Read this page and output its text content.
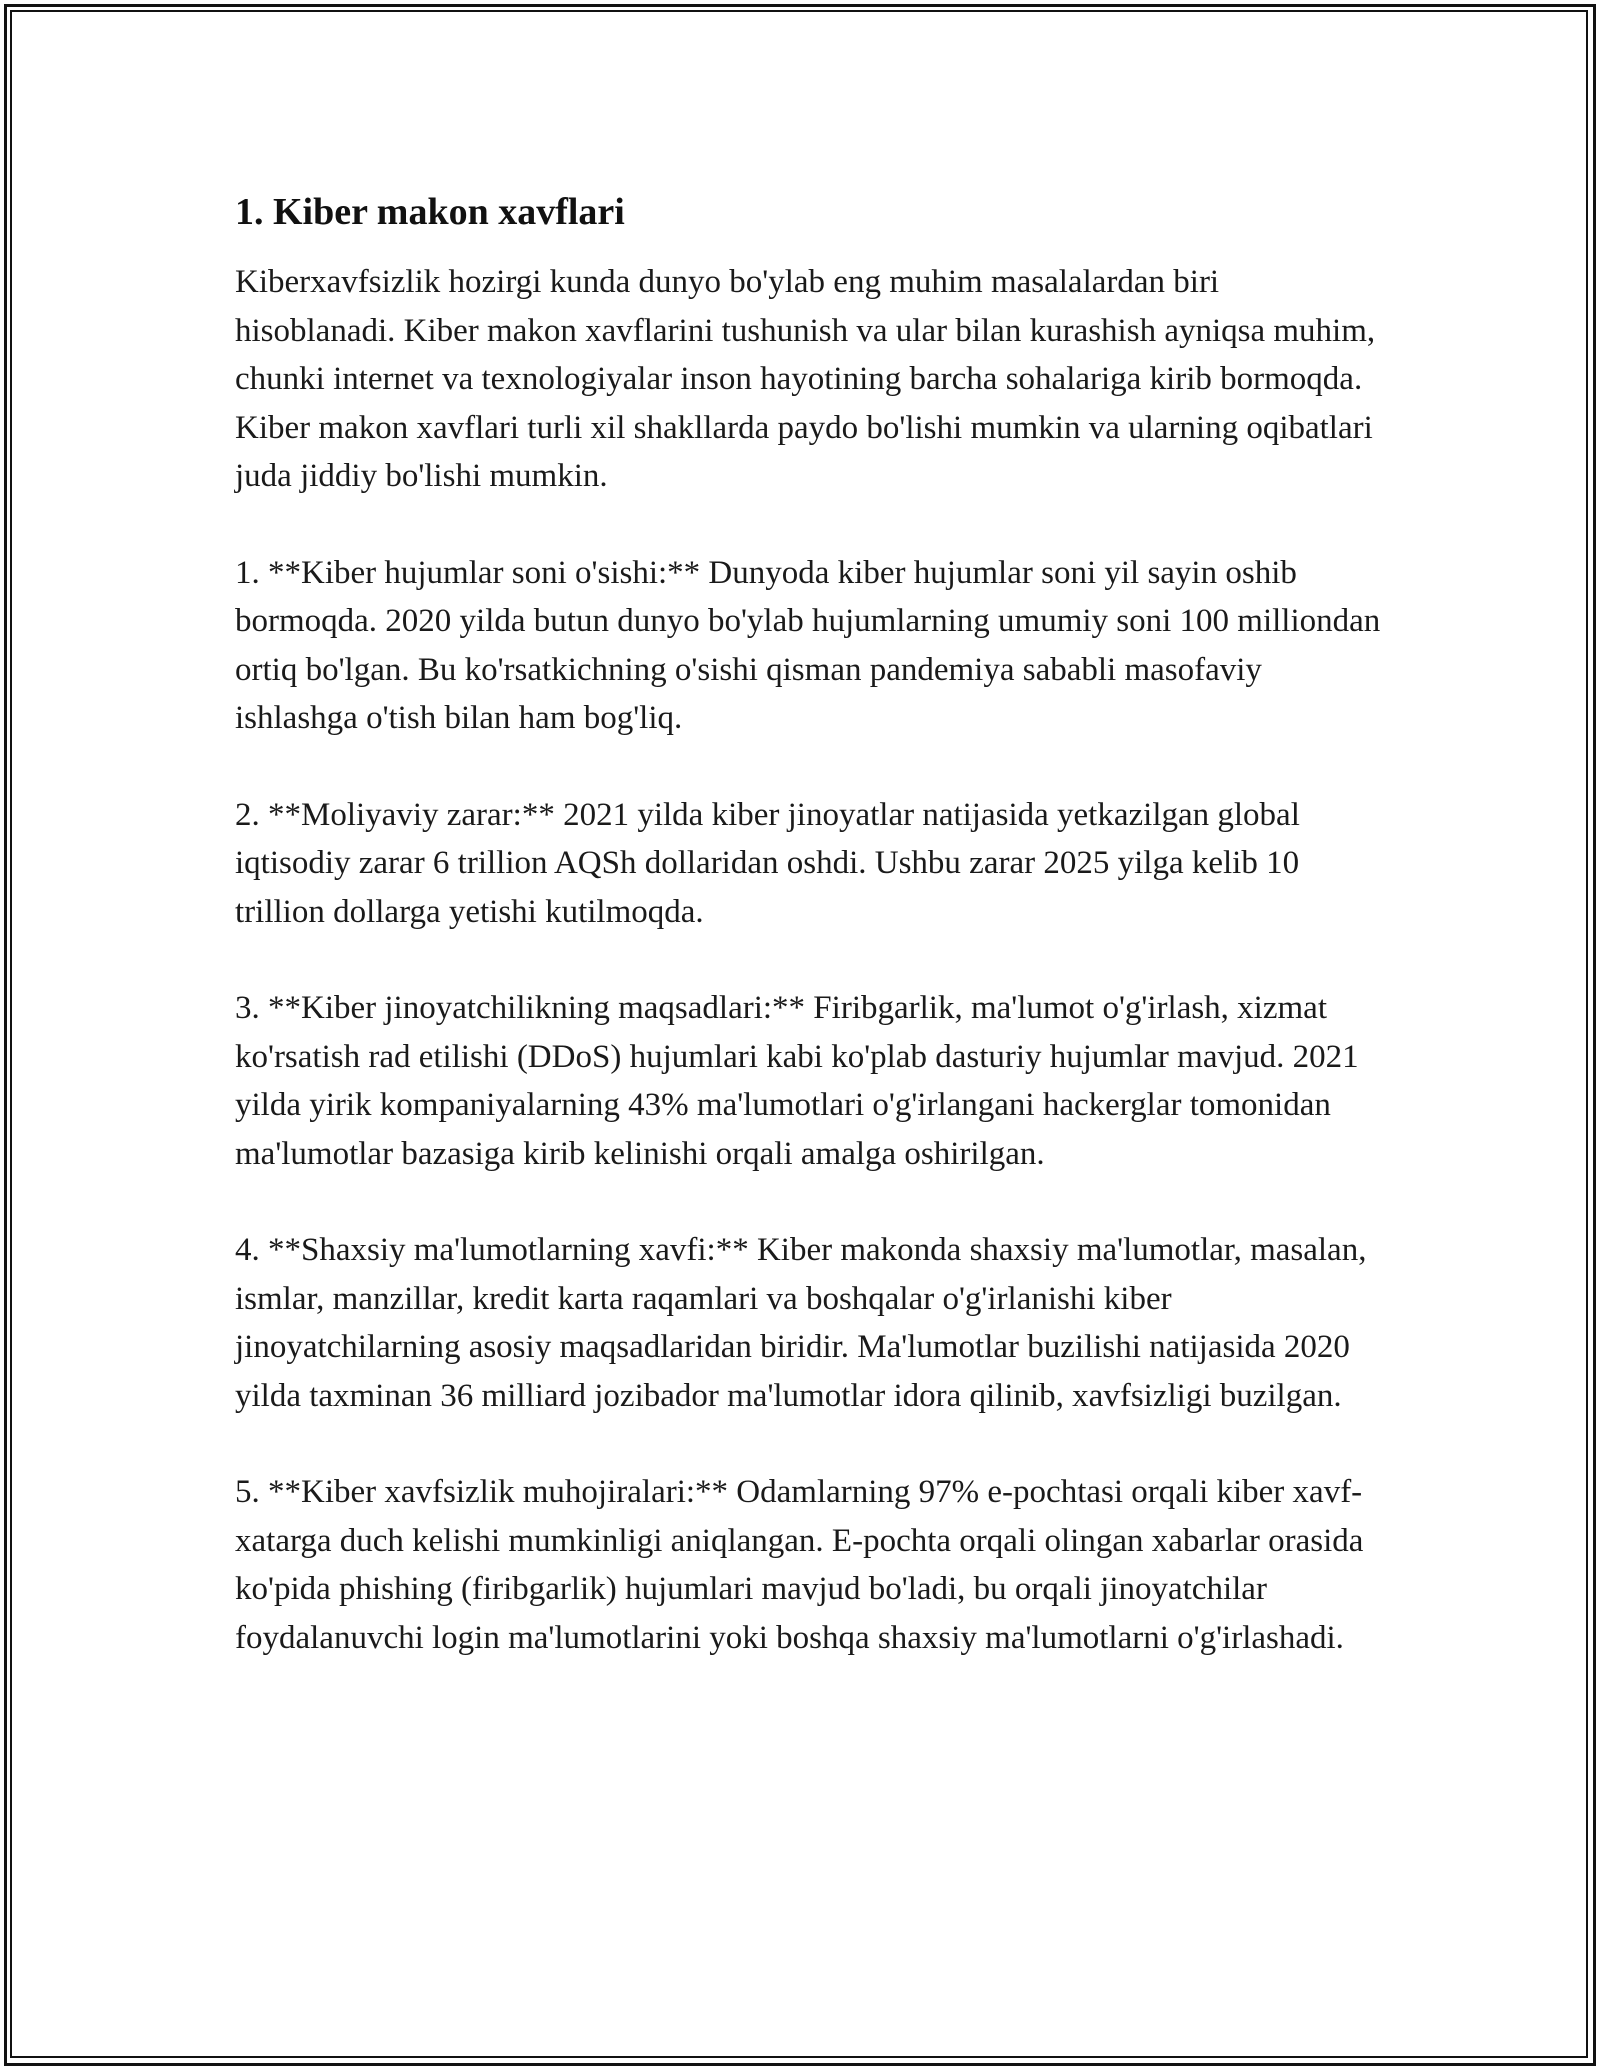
1. Kiber makon xavflari

Kiberxavfsizlik hozirgi kunda dunyo bo'ylab eng muhim masalalardan biri hisoblanadi. Kiber makon xavflarini tushunish va ular bilan kurashish ayniqsa muhim, chunki internet va texnologiyalar inson hayotining barcha sohalariga kirib bormoqda. Kiber makon xavflari turli xil shakllarda paydo bo'lishi mumkin va ularning oqibatlari juda jiddiy bo'lishi mumkin.

1. **Kiber hujumlar soni o'sishi:** Dunyoda kiber hujumlar soni yil sayin oshib bormoqda. 2020 yilda butun dunyo bo'ylab hujumlarning umumiy soni 100 milliondan ortiq bo'lgan. Bu ko'rsatkichning o'sishi qisman pandemiya sababli masofaviy ishlashga o'tish bilan ham bog'liq.

2. **Moliyaviy zarar:** 2021 yilda kiber jinoyatlar natijasida yetkazilgan global iqtisodiy zarar 6 trillion AQSh dollaridan oshdi. Ushbu zarar 2025 yilga kelib 10 trillion dollarga yetishi kutilmoqda.

3. **Kiber jinoyatchilikning maqsadlari:** Firibgarlik, ma'lumot o'g'irlash, xizmat ko'rsatish rad etilishi (DDoS) hujumlari kabi ko'plab dasturiy hujumlar mavjud. 2021 yilda yirik kompaniyalarning 43% ma'lumotlari o'g'irlangani hackerglar tomonidan ma'lumotlar bazasiga kirib kelinishi orqali amalga oshirilgan.

4. **Shaxsiy ma'lumotlarning xavfi:** Kiber makonda shaxsiy ma'lumotlar, masalan, ismlar, manzillar, kredit karta raqamlari va boshqalar o'g'irlanishi kiber jinoyatchilarning asosiy maqsadlaridan biridir. Ma'lumotlar buzilishi natijasida 2020 yilda taxminan 36 milliard jozibador ma'lumotlar idora qilinib, xavfsizligi buzilgan.

5. **Kiber xavfsizlik muhojiralari:** Odamlarning 97% e-pochtasi orqali kiber xavf-xatarga duch kelishi mumkinligi aniqlangan. E-pochta orqali olingan xabarlar orasida ko'pida phishing (firibgarlik) hujumlari mavjud bo'ladi, bu orqali jinoyatchilar foydalanuvchi login ma'lumotlarini yoki boshqa shaxsiy ma'lumotlarni o'g'irlashadi.
